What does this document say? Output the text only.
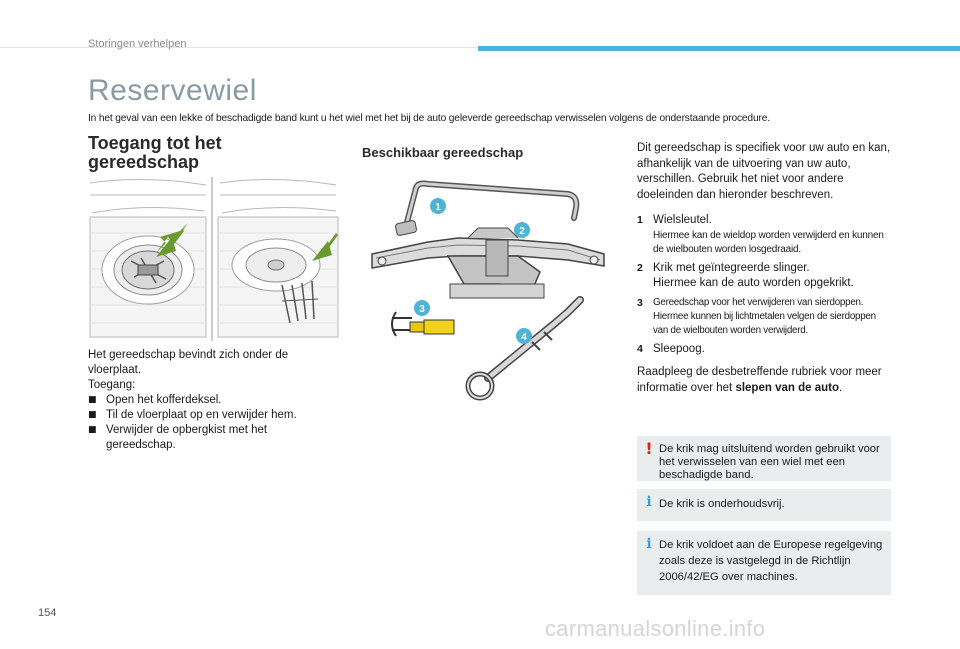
Storingen verhelpen
Reservewiel

In het geval van een lekke of beschadigde band kunt u het wiel met het bij de auto geleverde gereedschap verwisselen volgens de onderstaande procedure.

Toegang tot het gereedschap	Beschikbaar gereedschap
1
2
3
4
Het gereedschap bevindt zich onder de vloerplaat.
Toegang:
■ Open het kofferdeksel.
■ Til de vloerplaat op en verwijder hem.
■ Verwijder de opbergkist met het gereedschap.

Dit gereedschap is specifiek voor uw auto en kan, afhankelijk van de uitvoering van uw auto, verschillen. Gebruik het niet voor andere doeleinden dan hieronder beschreven.

1 Wielsleutel.
Hiermee kan de wieldop worden verwijderd en kunnen de wielbouten worden losgedraaid.
2 Krik met geïntegreerde slinger.
Hiermee kan de auto worden opgekrikt.
3	Gereedschap voor het verwijderen van sierdoppen.
Hiermee kunnen bij lichtmetalen velgen de sierdoppen van de wielbouten worden verwijderd.
4 Sleepoog.

Raadpleeg de desbetreffende rubriek voor meer informatie over het slepen van de auto.

! De krik mag uitsluitend worden gebruikt voor het verwisselen van een wiel met een beschadigde band.
i De krik is onderhoudsvrij.
i De krik voldoet aan de Europese regelgeving zoals deze is vastgelegd in de Richtlijn 2006/42/EG over machines.
154
carmanualsonline.info
